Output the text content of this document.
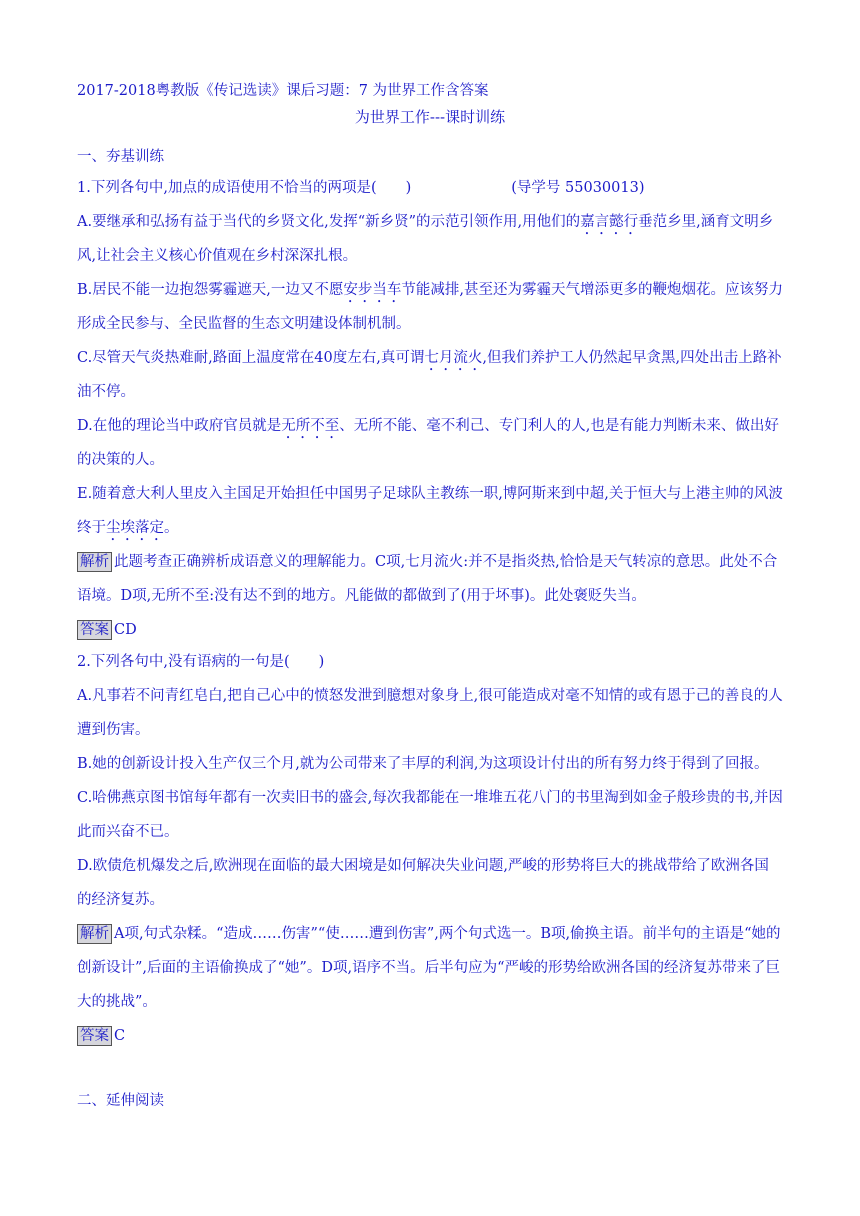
2017-2018粤教版《传记选读》课后习题：7 为世界工作含答案
为世界工作---课时训练
一、夯基训练

1.下列各句中,加点的成语使用不恰当的两项是(　　)	(导学号 55030013)

A.要继承和弘扬有益于当代的乡贤文化,发挥“新乡贤”的示范引领作用,用他们的嘉言懿行垂范乡里,涵育文明乡风,让社会主义核心价值观在乡村深深扎根。

B.居民不能一边抱怨雾霾遮天,一边又不愿安步当车节能减排,甚至还为雾霾天气增添更多的鞭炮烟花。应该努力形成全民参与、全民监督的生态文明建设体制机制。

C.尽管天气炎热难耐,路面上温度常在40度左右,真可谓七月流火,但我们养护工人仍然起早贪黑,四处出击上路补油不停。

D.在他的理论当中政府官员就是无所不至、无所不能、毫不利己、专门利人的人,也是有能力判断未来、做出好的决策的人。

E.随着意大利人里皮入主国足开始担任中国男子足球队主教练一职,博阿斯来到中超,关于恒大与上港主帅的风波终于尘埃落定。

解析 此题考查正确辨析成语意义的理解能力。C项,七月流火:并不是指炎热,恰恰是天气转凉的意思。此处不合语境。D项,无所不至:没有达不到的地方。凡能做的都做到了(用于坏事)。此处褒贬失当。

答案 CD

2.下列各句中,没有语病的一句是(　　)

A.凡事若不问青红皂白,把自己心中的愤怒发泄到臆想对象身上,很可能造成对毫不知情的或有恩于己的善良的人遭到伤害。

B.她的创新设计投入生产仅三个月,就为公司带来了丰厚的利润,为这项设计付出的所有努力终于得到了回报。

C.哈佛燕京图书馆每年都有一次卖旧书的盛会,每次我都能在一堆堆五花八门的书里淘到如金子般珍贵的书,并因此而兴奋不已。

D.欧债危机爆发之后,欧洲现在面临的最大困境是如何解决失业问题,严峻的形势将巨大的挑战带给了欧洲各国的经济复苏。

解析 A项,句式杂糅。“造成……伤害”“使……遭到伤害”,两个句式选一。B项,偷换主语。前半句的主语是“她的创新设计”,后面的主语偷换成了“她”。D项,语序不当。后半句应为“严峻的形势给欧洲各国的经济复苏带来了巨大的挑战”。

答案 C

二、延伸阅读
